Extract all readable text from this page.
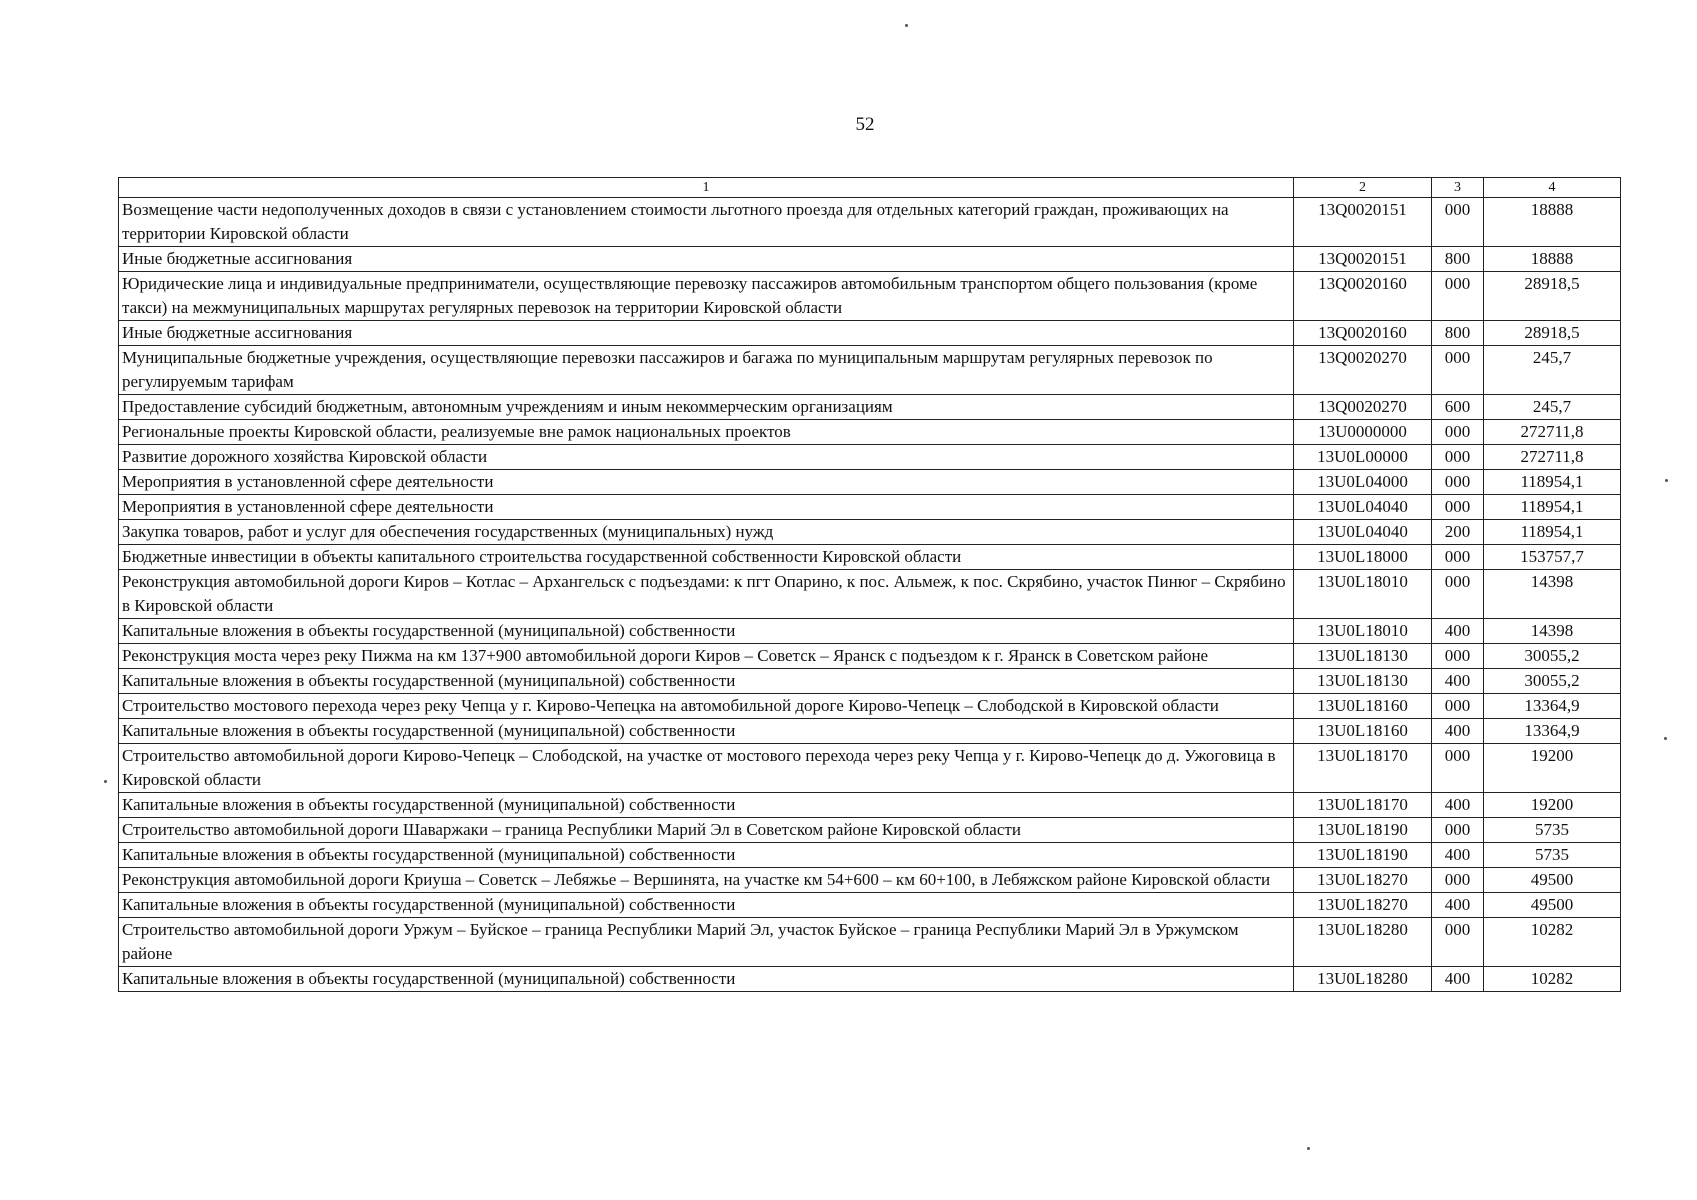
52
1	2	3	4
Возмещение части недополученных доходов в связи с установлением стоимости льготного проезда для отдельных категорий граждан, проживающих на территории Кировской области	13Q0020151	000	18888
Иные бюджетные ассигнования	13Q0020151	800	18888
Юридические лица и индивидуальные предприниматели, осуществляющие перевозку пассажиров автомобильным транспортом общего пользования (кроме такси) на межмуниципальных маршрутах регулярных перевозок на территории Кировской области	13Q0020160	000	28918,5
Иные бюджетные ассигнования	13Q0020160	800	28918,5
Муниципальные бюджетные учреждения, осуществляющие перевозки пассажиров и багажа по муниципальным маршрутам регулярных перевозок по регулируемым тарифам	13Q0020270	000	245,7
Предоставление субсидий бюджетным, автономным учреждениям и иным некоммерческим организациям	13Q0020270	600	245,7
Региональные проекты Кировской области, реализуемые вне рамок национальных проектов	13U0000000	000	272711,8
Развитие дорожного хозяйства Кировской области	13U0L00000	000	272711,8
Мероприятия в установленной сфере деятельности	13U0L04000	000	118954,1
Мероприятия в установленной сфере деятельности	13U0L04040	000	118954,1
Закупка товаров, работ и услуг для обеспечения государственных (муниципальных) нужд	13U0L04040	200	118954,1
Бюджетные инвестиции в объекты капитального строительства государственной собственности Кировской области	13U0L18000	000	153757,7
Реконструкция автомобильной дороги Киров – Котлас – Архангельск с подъездами: к пгт Опарино, к пос. Альмеж, к пос. Скрябино, участок Пинюг – Скрябино в Кировской области	13U0L18010	000	14398
Капитальные вложения в объекты государственной (муниципальной) собственности	13U0L18010	400	14398
Реконструкция моста через реку Пижма на км 137+900 автомобильной дороги Киров – Советск – Яранск с подъездом к г. Яранск в Советском районе	13U0L18130	000	30055,2
Капитальные вложения в объекты государственной (муниципальной) собственности	13U0L18130	400	30055,2
Строительство мостового перехода через реку Чепца у г. Кирово-Чепецка на автомобильной дороге Кирово-Чепецк – Слободской в Кировской области	13U0L18160	000	13364,9
Капитальные вложения в объекты государственной (муниципальной) собственности	13U0L18160	400	13364,9
Строительство автомобильной дороги Кирово-Чепецк – Слободской, на участке от мостового перехода через реку Чепца у г. Кирово-Чепецк до д. Ужоговица в Кировской области	13U0L18170	000	19200
Капитальные вложения в объекты государственной (муниципальной) собственности	13U0L18170	400	19200
Строительство автомобильной дороги Шаваржаки – граница Республики Марий Эл в Советском районе Кировской области	13U0L18190	000	5735
Капитальные вложения в объекты государственной (муниципальной) собственности	13U0L18190	400	5735
Реконструкция автомобильной дороги Криуша – Советск – Лебяжье – Вершинята, на участке км 54+600 – км 60+100, в Лебяжском районе Кировской области	13U0L18270	000	49500
Капитальные вложения в объекты государственной (муниципальной) собственности	13U0L18270	400	49500
Строительство автомобильной дороги Уржум – Буйское – граница Республики Марий Эл, участок Буйское – граница Республики Марий Эл в Уржумском районе	13U0L18280	000	10282
Капитальные вложения в объекты государственной (муниципальной) собственности	13U0L18280	400	10282
